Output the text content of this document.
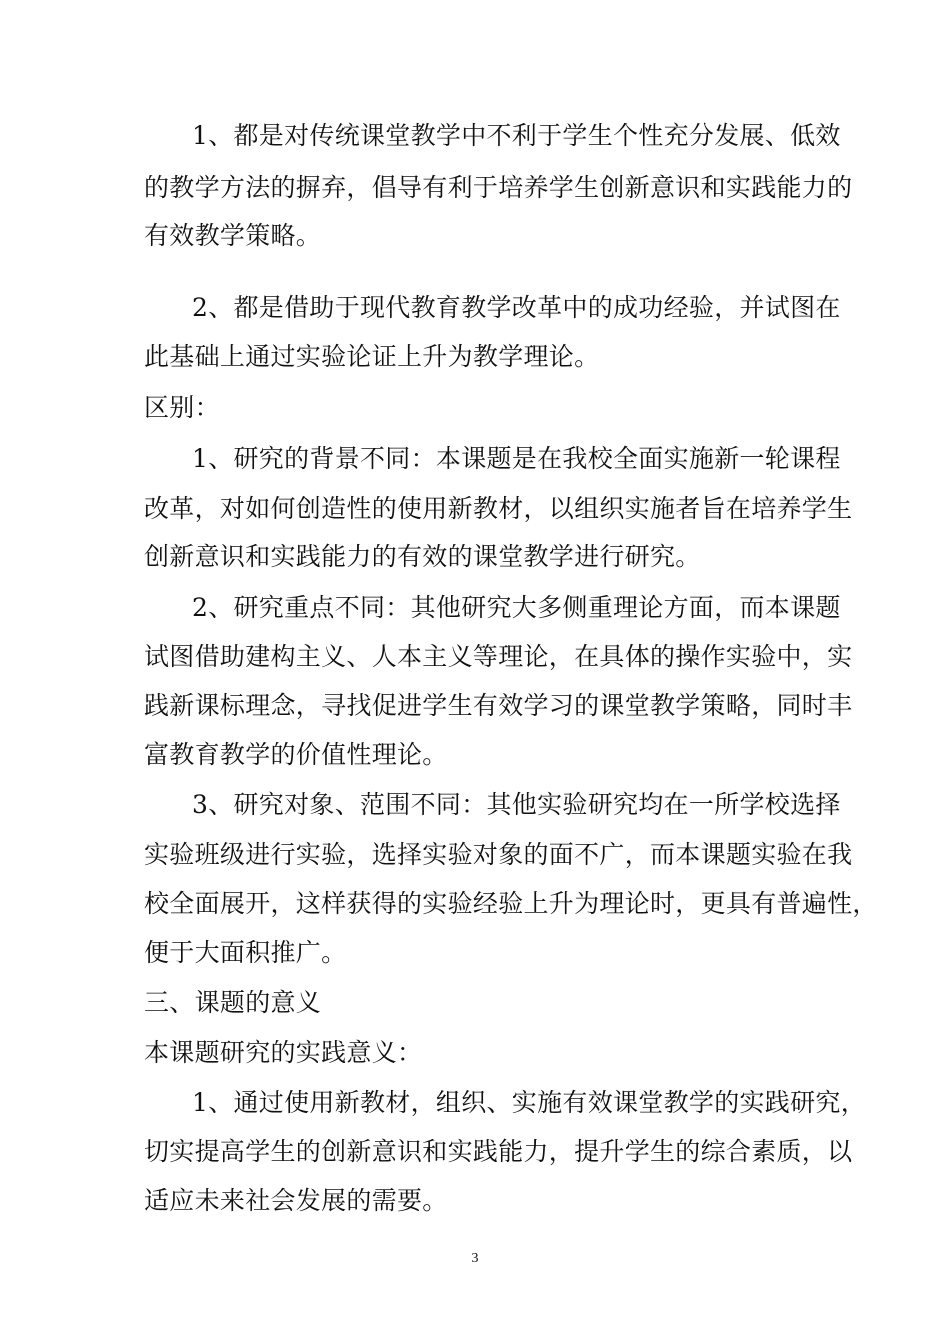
1、都是对传统课堂教学中不利于学生个性充分发展、低效
的教学方法的摒弃，倡导有利于培养学生创新意识和实践能力的
有效教学策略。
2、都是借助于现代教育教学改革中的成功经验，并试图在
此基础上通过实验论证上升为教学理论。
区别：
1、研究的背景不同：本课题是在我校全面实施新一轮课程
改革，对如何创造性的使用新教材，以组织实施者旨在培养学生
创新意识和实践能力的有效的课堂教学进行研究。
2、研究重点不同：其他研究大多侧重理论方面，而本课题
试图借助建构主义、人本主义等理论，在具体的操作实验中，实
践新课标理念，寻找促进学生有效学习的课堂教学策略，同时丰
富教育教学的价值性理论。
3、研究对象、范围不同：其他实验研究均在一所学校选择
实验班级进行实验，选择实验对象的面不广，而本课题实验在我
校全面展开，这样获得的实验经验上升为理论时，更具有普遍性，
便于大面积推广。
三、课题的意义
本课题研究的实践意义：
1、通过使用新教材，组织、实施有效课堂教学的实践研究，
切实提高学生的创新意识和实践能力，提升学生的综合素质，以
适应未来社会发展的需要。
3
